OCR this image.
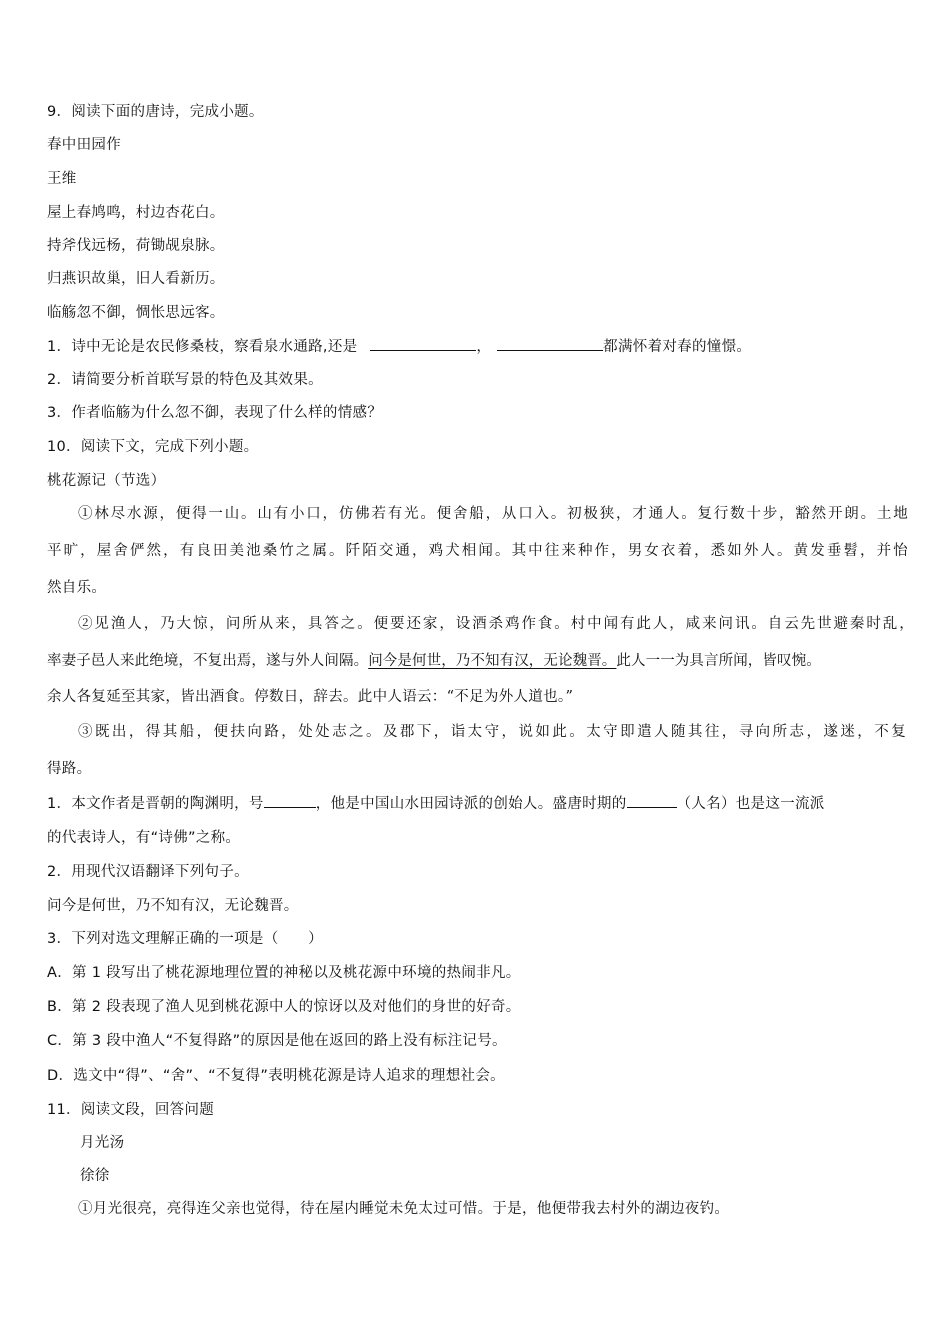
9．阅读下面的唐诗，完成小题。
春中田园作
王维
屋上春鸠鸣，村边杏花白。
持斧伐远杨，荷锄觇泉脉。
归燕识故巢，旧人看新历。
临觞忽不御，惆怅思远客。
1．诗中无论是农民修桑枝，察看泉水通路,还是	，	都满怀着对春的憧憬。
2．请简要分析首联写景的特色及其效果。
3．作者临觞为什么忽不御，表现了什么样的情感？
10．阅读下文，完成下列小题。
桃花源记（节选）
①林尽水源，便得一山。山有小口，仿佛若有光。便舍船，从口入。初极狭，才通人。复行数十步，豁然开朗。土地
平旷，屋舍俨然，有良田美池桑竹之属。阡陌交通，鸡犬相闻。其中往来种作，男女衣着，悉如外人。黄发垂髫，并怡
然自乐。
②见渔人，乃大惊，问所从来，具答之。便要还家，设酒杀鸡作食。村中闻有此人，咸来问讯。自云先世避秦时乱，
率妻子邑人来此绝境，不复出焉，遂与外人间隔。问今是何世，乃不知有汉，无论魏晋。此人一一为具言所闻，皆叹惋。
余人各复延至其家，皆出酒食。停数日，辞去。此中人语云：“不足为外人道也。”
③既出，得其船，便扶向路，处处志之。及郡下，诣太守，说如此。太守即遣人随其往，寻向所志，遂迷，不复
得路。
1．本文作者是晋朝的陶渊明，号	，他是中国山水田园诗派的创始人。盛唐时期的	（人名）也是这一流派
的代表诗人，有“诗佛”之称。
2．用现代汉语翻译下列句子。
问今是何世，乃不知有汉，无论魏晋。
3．下列对选文理解正确的一项是（　　）
A．第 1 段写出了桃花源地理位置的神秘以及桃花源中环境的热闹非凡。
B．第 2 段表现了渔人见到桃花源中人的惊讶以及对他们的身世的好奇。
C．第 3 段中渔人“不复得路”的原因是他在返回的路上没有标注记号。
D．选文中“得”、“舍”、“不复得”表明桃花源是诗人追求的理想社会。
11．阅读文段，回答问题
月光汤
徐徐
①月光很亮，亮得连父亲也觉得，待在屋内睡觉未免太过可惜。于是，他便带我去村外的湖边夜钓。
